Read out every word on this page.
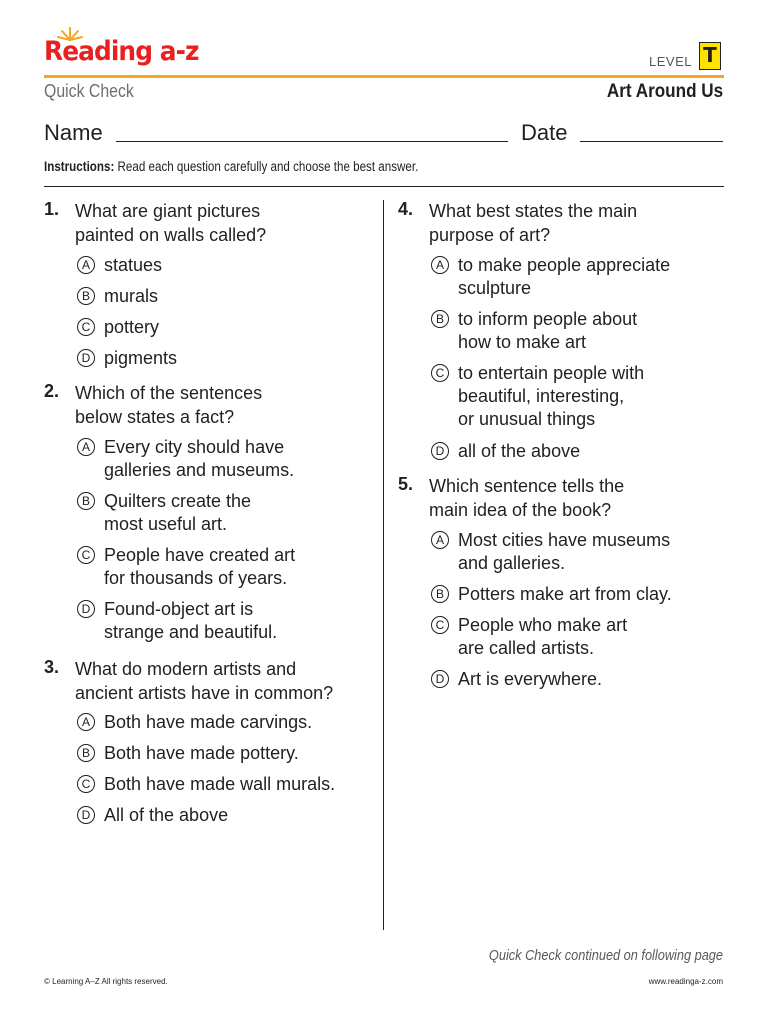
Reading a-z	LEVEL T
Quick Check	Art Around Us
Name	Date
Instructions: Read each question carefully and choose the best answer.
1. What are giant pictures
painted on walls called?
A statues
B murals
C pottery
D pigments
2. Which of the sentences
below states a fact?
A Every city should have
galleries and museums.
B Quilters create the
most useful art.
C People have created art
for thousands of years.
D Found-object art is
strange and beautiful.
3. What do modern artists and
ancient artists have in common?
A Both have made carvings.
B Both have made pottery.
C Both have made wall murals.
D All of the above
4. What best states the main
purpose of art?
A to make people appreciate
sculpture
B to inform people about
how to make art
C to entertain people with
beautiful, interesting,
or unusual things
D all of the above
5. Which sentence tells the
main idea of the book?
A Most cities have museums
and galleries.
B Potters make art from clay.
C People who make art
are called artists.
D Art is everywhere.
Quick Check continued on following page
© Learning A–Z All rights reserved.	www.readinga-z.com
